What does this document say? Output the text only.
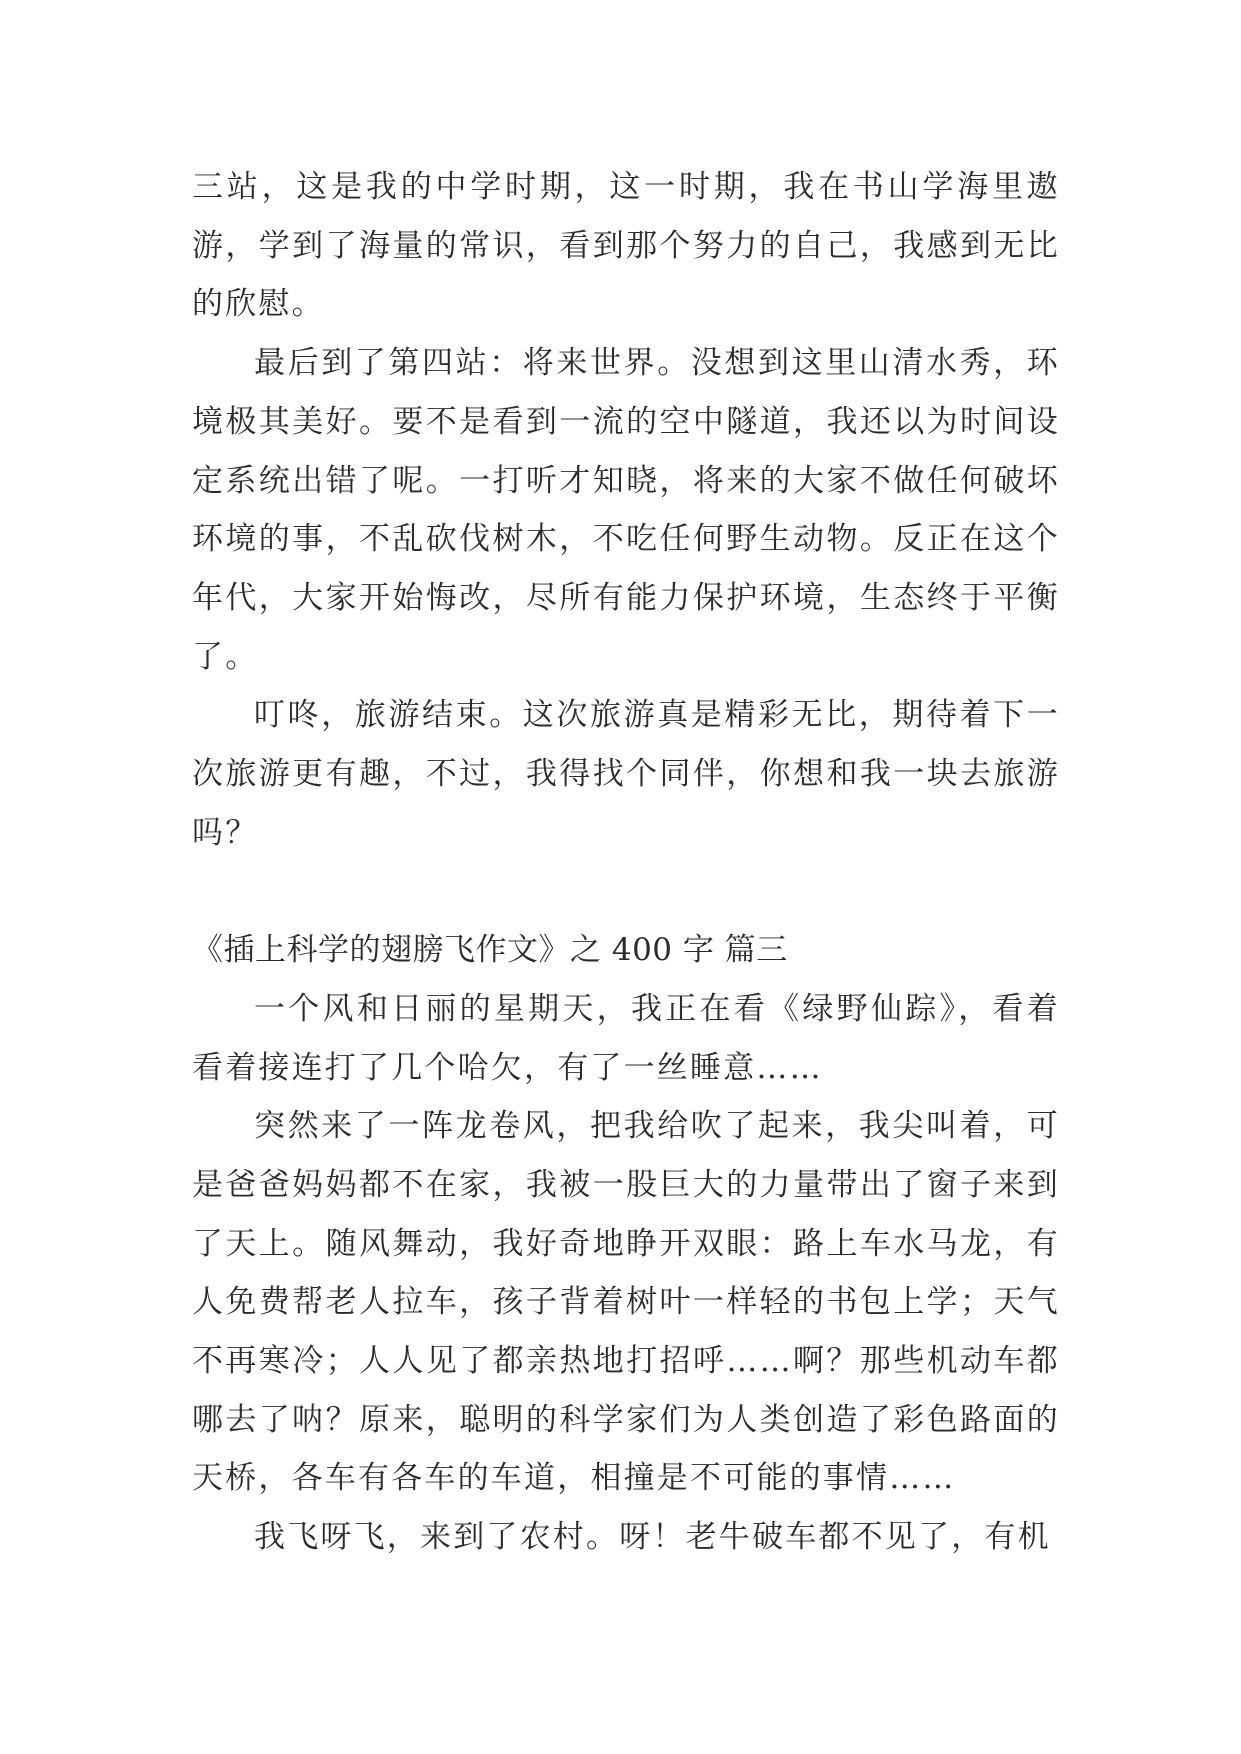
三站，这是我的中学时期，这一时期，我在书山学海里遨游，学到了海量的常识，看到那个努力的自己，我感到无比的欣慰。

最后到了第四站：将来世界。没想到这里山清水秀，环境极其美好。要不是看到一流的空中隧道，我还以为时间设定系统出错了呢。一打听才知晓，将来的大家不做任何破坏环境的事，不乱砍伐树木，不吃任何野生动物。反正在这个年代，大家开始悔改，尽所有能力保护环境，生态终于平衡了。

叮咚，旅游结束。这次旅游真是精彩无比，期待着下一次旅游更有趣，不过，我得找个同伴，你想和我一块去旅游吗？

《插上科学的翅膀飞作文》之 400 字 篇三

一个风和日丽的星期天，我正在看《绿野仙踪》，看着看着接连打了几个哈欠，有了一丝睡意……

突然来了一阵龙卷风，把我给吹了起来，我尖叫着，可是爸爸妈妈都不在家，我被一股巨大的力量带出了窗子来到了天上。随风舞动，我好奇地睁开双眼：路上车水马龙，有人免费帮老人拉车，孩子背着树叶一样轻的书包上学；天气不再寒冷；人人见了都亲热地打招呼……啊？那些机动车都哪去了呐？原来，聪明的科学家们为人类创造了彩色路面的天桥，各车有各车的车道，相撞是不可能的事情……

我飞呀飞，来到了农村。呀！老牛破车都不见了，有机
